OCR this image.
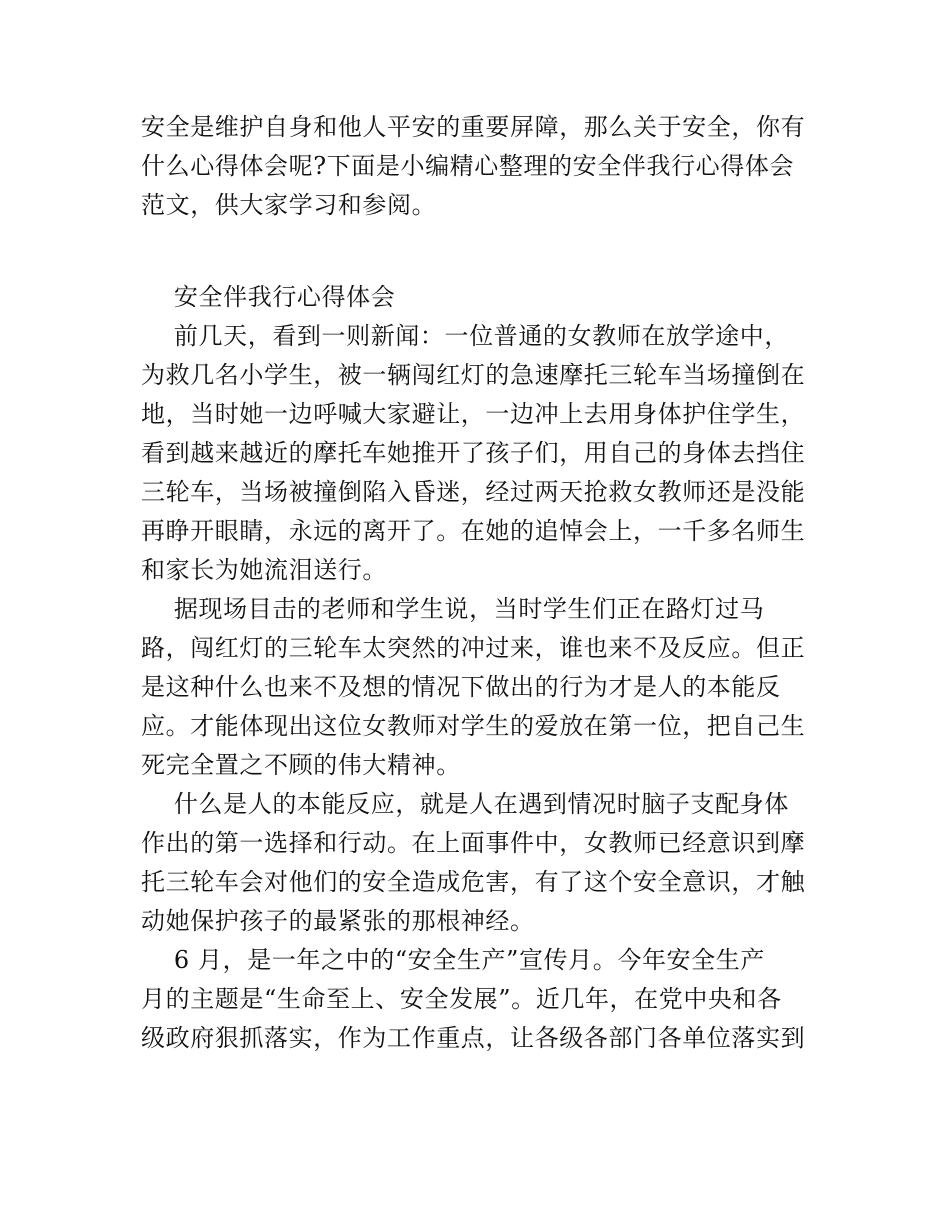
安全是维护自身和他人平安的重要屏障，那么关于安全，你有
什么心得体会呢?下面是小编精心整理的安全伴我行心得体会
范文，供大家学习和参阅。
安全伴我行心得体会
前几天，看到一则新闻：一位普通的女教师在放学途中，
为救几名小学生，被一辆闯红灯的急速摩托三轮车当场撞倒在
地，当时她一边呼喊大家避让，一边冲上去用身体护住学生，
看到越来越近的摩托车她推开了孩子们，用自己的身体去挡住
三轮车，当场被撞倒陷入昏迷，经过两天抢救女教师还是没能
再睁开眼睛，永远的离开了。在她的追悼会上，一千多名师生
和家长为她流泪送行。
据现场目击的老师和学生说，当时学生们正在路灯过马
路，闯红灯的三轮车太突然的冲过来，谁也来不及反应。但正
是这种什么也来不及想的情况下做出的行为才是人的本能反
应。才能体现出这位女教师对学生的爱放在第一位，把自己生
死完全置之不顾的伟大精神。
什么是人的本能反应，就是人在遇到情况时脑子支配身体
作出的第一选择和行动。在上面事件中，女教师已经意识到摩
托三轮车会对他们的安全造成危害，有了这个安全意识，才触
动她保护孩子的最紧张的那根神经。
6 月，是一年之中的“安全生产”宣传月。今年安全生产
月的主题是“生命至上、安全发展”。近几年，在党中央和各
级政府狠抓落实，作为工作重点，让各级各部门各单位落实到
